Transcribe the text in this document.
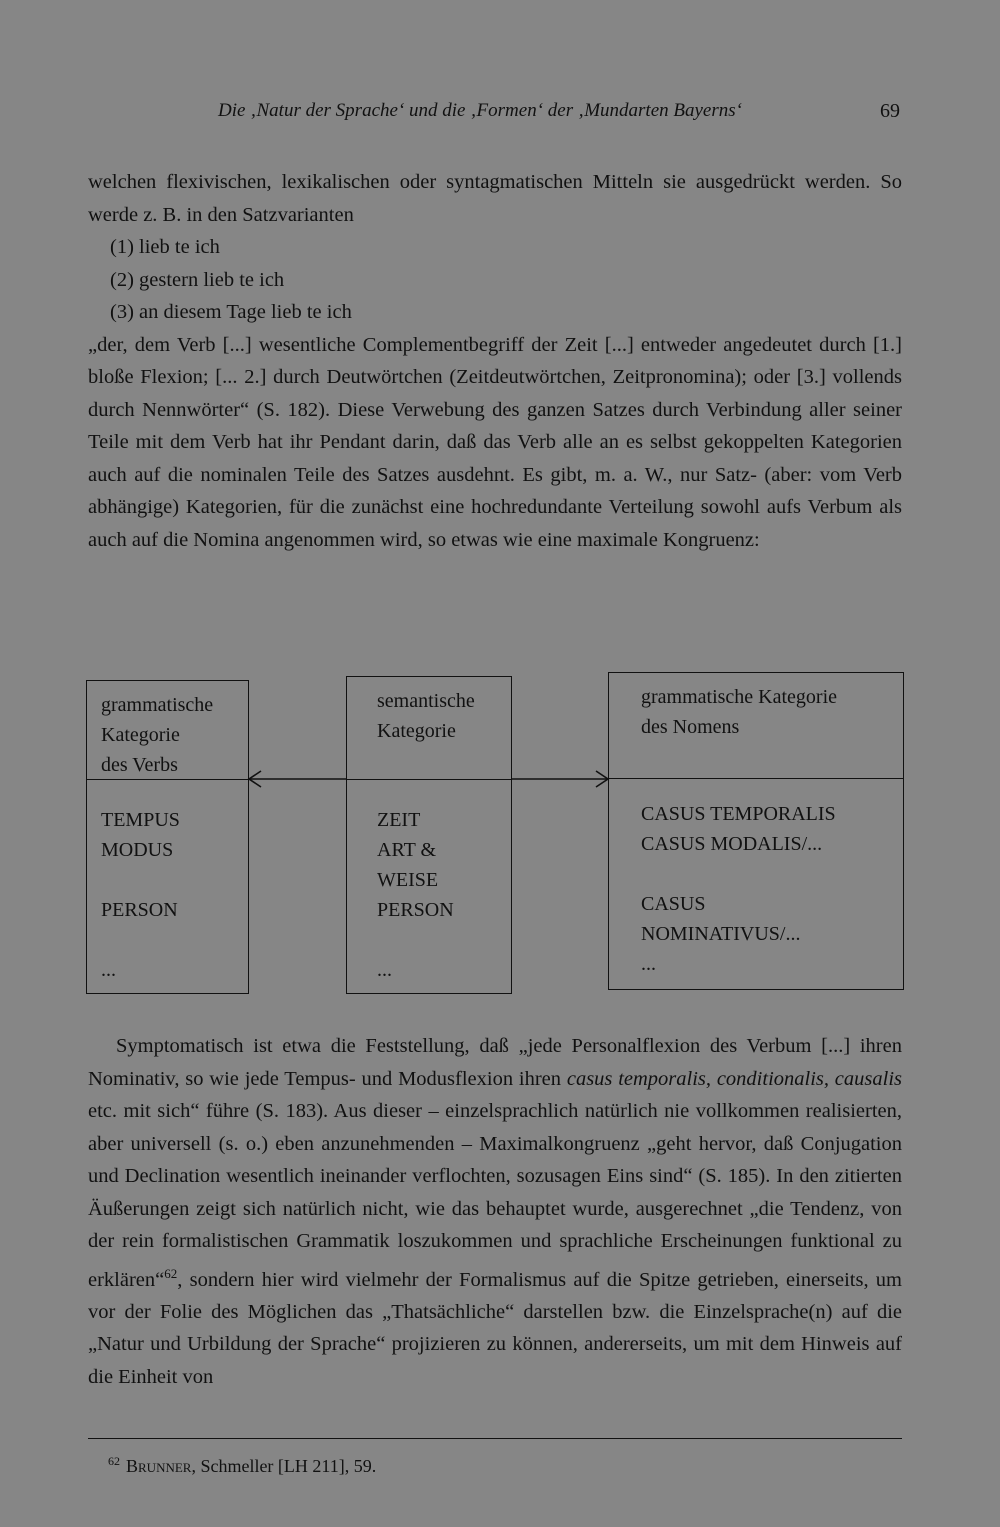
Die ‚Natur der Sprache‘ und die ‚Formen‘ der ‚Mundarten Bayerns‘	69

welchen flexivischen, lexikalischen oder syntagmatischen Mitteln sie ausgedrückt werden. So werde z. B. in den Satzvarianten

(1) lieb te ich

(2) gestern lieb te ich

(3) an diesem Tage lieb te ich

„der, dem Verb [...] wesentliche Complementbegriff der Zeit [...] entweder angedeutet durch [1.] bloße Flexion; [... 2.] durch Deutwörtchen (Zeitdeutwörtchen, Zeitpronomina); oder [3.] vollends durch Nennwörter“ (S. 182). Diese Verwebung des ganzen Satzes durch Verbindung aller seiner Teile mit dem Verb hat ihr Pendant darin, daß das Verb alle an es selbst gekoppelten Kategorien auch auf die nominalen Teile des Satzes ausdehnt. Es gibt, m. a. W., nur Satz- (aber: vom Verb abhängige) Kategorien, für die zunächst eine hochredundante Verteilung sowohl aufs Verbum als auch auf die Nomina angenommen wird, so etwas wie eine maximale Kongruenz:

grammatische
Kategorie
des Verbs
TEMPUS
MODUS

PERSON

...
semantische
Kategorie
ZEIT
ART &
WEISE
PERSON

...
grammatische Kategorie
des Nomens
CASUS TEMPORALIS
CASUS MODALIS/...

CASUS
NOMINATIVUS/...
...

Symptomatisch ist etwa die Feststellung, daß „jede Personalflexion des Verbum [...] ihren Nominativ, so wie jede Tempus- und Modusflexion ihren casus temporalis, conditionalis, causalis etc. mit sich“ führe (S. 183). Aus dieser – einzelsprachlich natürlich nie vollkommen realisierten, aber universell (s. o.) eben anzunehmenden – Maximalkongruenz „geht hervor, daß Conjugation und Declination wesentlich ineinander verflochten, sozusagen Eins sind“ (S. 185). In den zitierten Äußerungen zeigt sich natürlich nicht, wie das behauptet wurde, ausgerechnet „die Tendenz, von der rein formalistischen Grammatik loszukommen und sprachliche Erscheinungen funktional zu erklären“$^{62}$, sondern hier wird vielmehr der Formalismus auf die Spitze getrieben, einerseits, um vor der Folie des Möglichen das „Thatsächliche“ darstellen bzw. die Einzelsprache(n) auf die „Natur und Urbildung der Sprache“ projizieren zu können, andererseits, um mit dem Hinweis auf die Einheit von

$^{62}$ Brunner, Schmeller [LH 211], 59.
